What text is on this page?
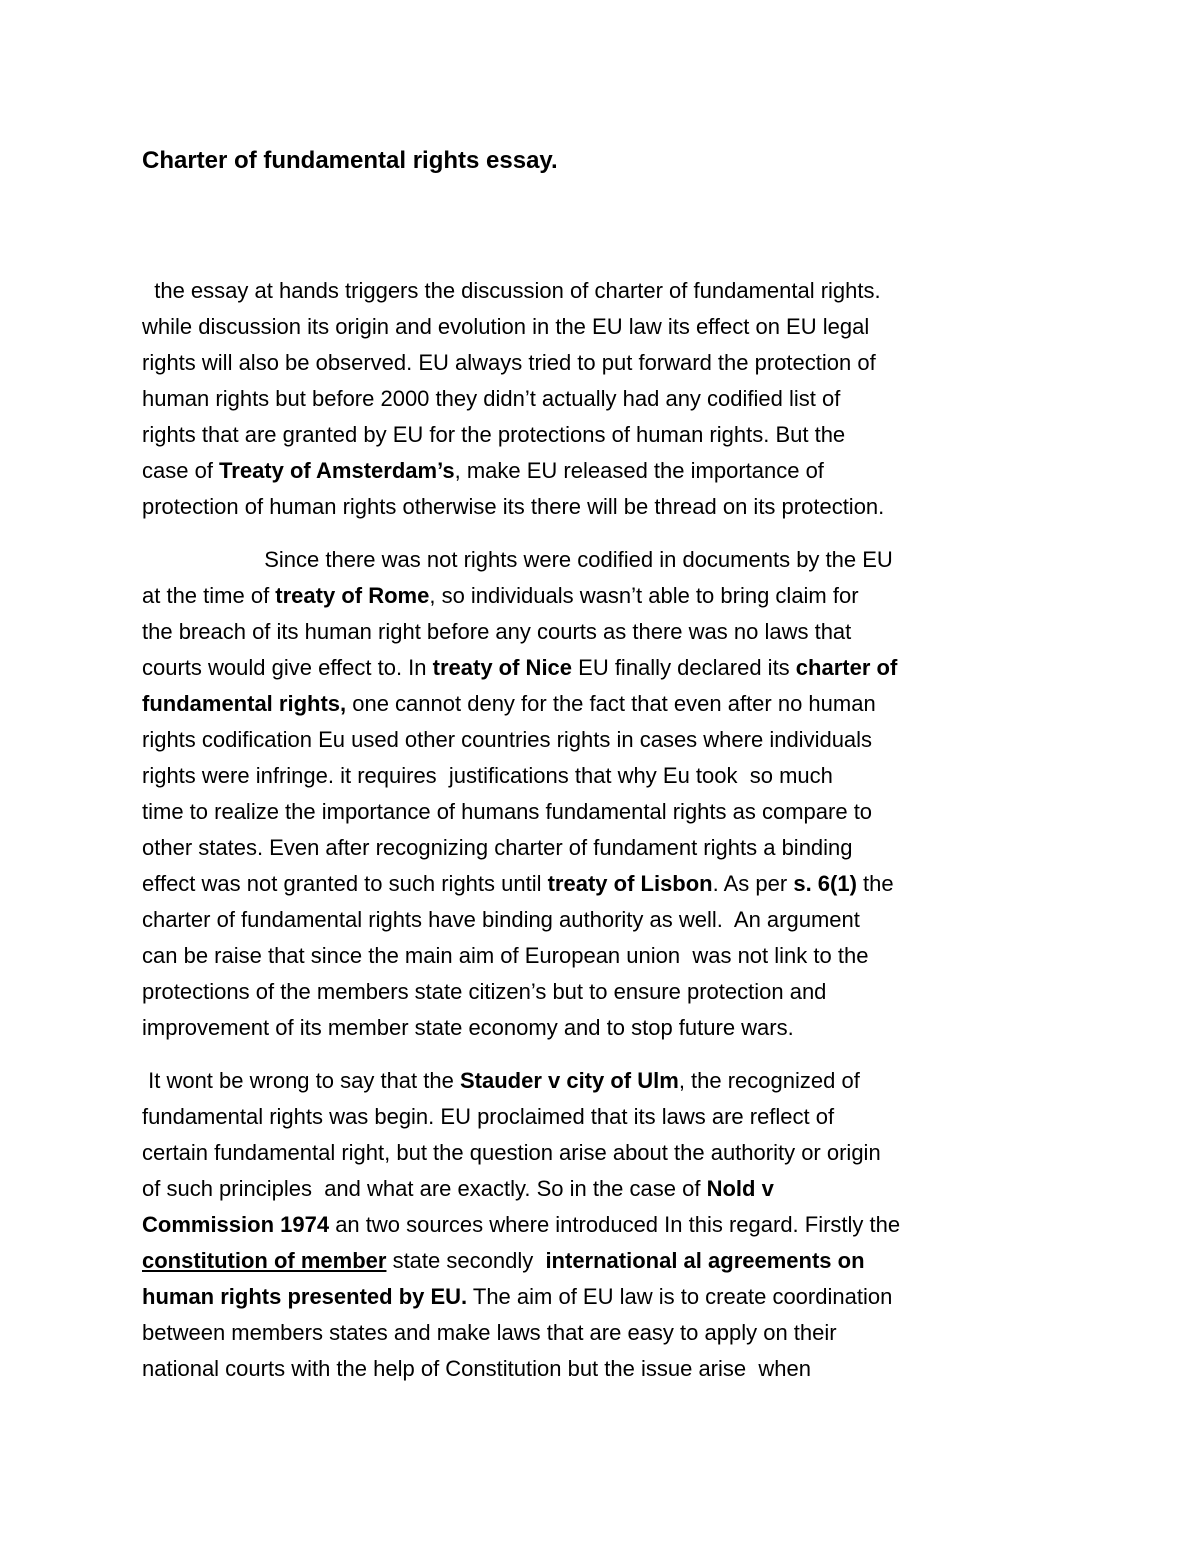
Charter of fundamental rights essay.
the essay at hands triggers the discussion of charter of fundamental rights.
while discussion its origin and evolution in the EU law its effect on EU legal
rights will also be observed. EU always tried to put forward the protection of
human rights but before 2000 they didn’t actually had any codified list of
rights that are granted by EU for the protections of human rights. But the
case of Treaty of Amsterdam’s, make EU released the importance of
protection of human rights otherwise its there will be thread on its protection.
Since there was not rights were codified in documents by the EU
at the time of treaty of Rome, so individuals wasn’t able to bring claim for
the breach of its human right before any courts as there was no laws that
courts would give effect to. In treaty of Nice EU finally declared its charter of
fundamental rights, one cannot deny for the fact that even after no human
rights codification Eu used other countries rights in cases where individuals
rights were infringe. it requires  justifications that why Eu took  so much
time to realize the importance of humans fundamental rights as compare to
other states. Even after recognizing charter of fundament rights a binding
effect was not granted to such rights until treaty of Lisbon. As per s. 6(1) the
charter of fundamental rights have binding authority as well.  An argument
can be raise that since the main aim of European union  was not link to the
protections of the members state citizen’s but to ensure protection and
improvement of its member state economy and to stop future wars.
It wont be wrong to say that the Stauder v city of Ulm, the recognized of
fundamental rights was begin. EU proclaimed that its laws are reflect of
certain fundamental right, but the question arise about the authority or origin
of such principles  and what are exactly. So in the case of Nold v
Commission 1974 an two sources where introduced In this regard. Firstly the
constitution of member state secondly  international al agreements on
human rights presented by EU. The aim of EU law is to create coordination
between members states and make laws that are easy to apply on their
national courts with the help of Constitution but the issue arise  when
